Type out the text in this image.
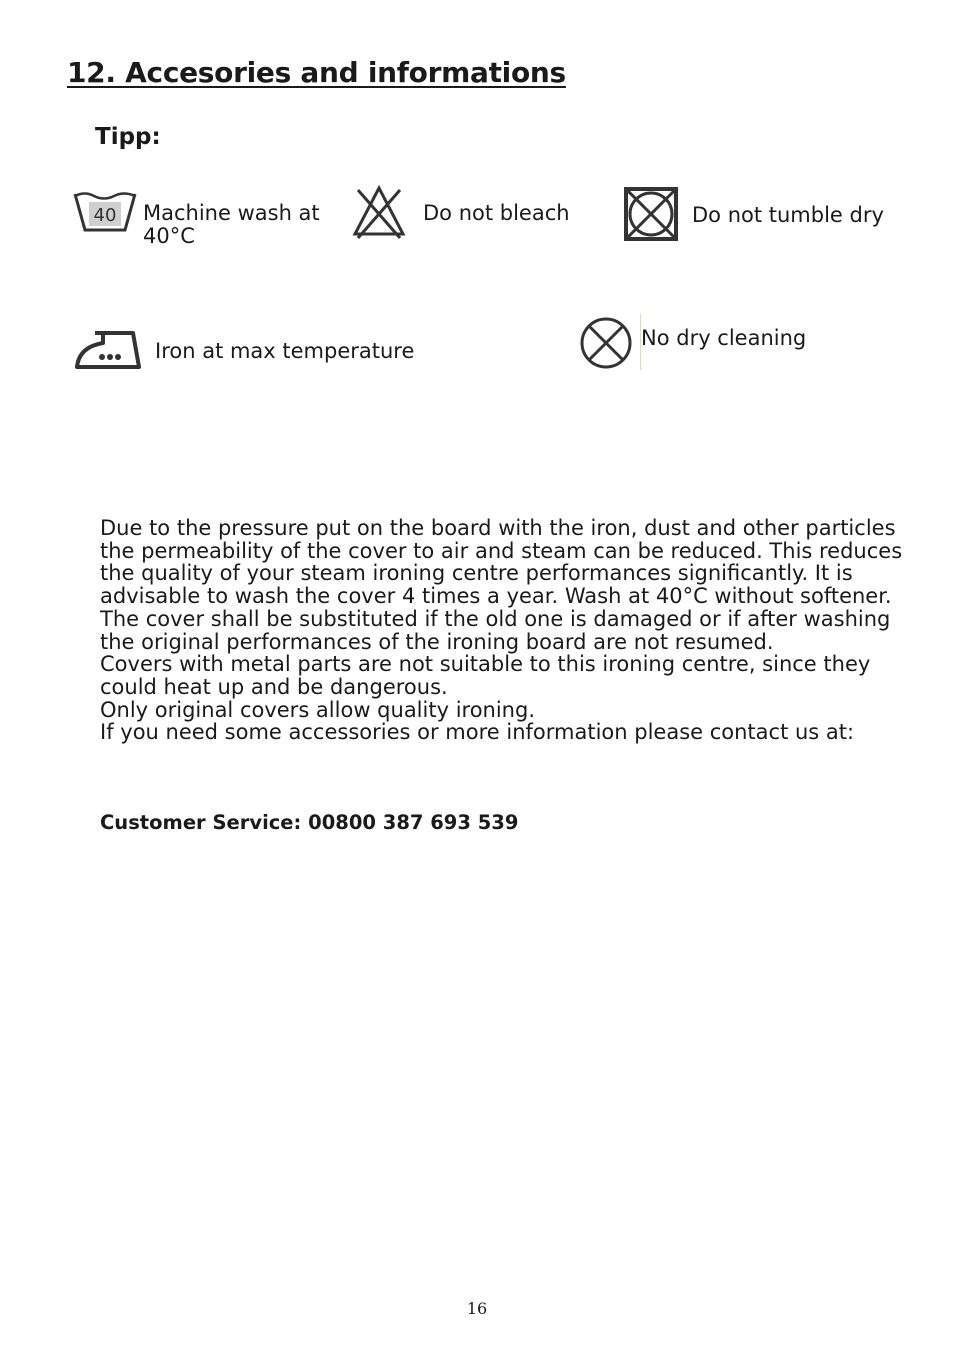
12. Accesories and informations
Tipp:
40 Machine wash at
40°C
Do not bleach	Do not tumble dry
Iron at max temperature
No dry cleaning

Due to the pressure put on the board with the iron, dust and other particles the permeability of the cover to air and steam can be reduced. This reduces the quality of your steam ironing centre performances significantly. It is advisable to wash the cover 4 times a year. Wash at 40°C without softener.

The cover shall be substituted if the old one is damaged or if after washing the original performances of the ironing board are not resumed.

Covers with metal parts are not suitable to this ironing centre, since they could heat up and be dangerous.

Only original covers allow quality ironing.

If you need some accessories or more information please contact us at:

Customer Service: 00800 387 693 539
16
